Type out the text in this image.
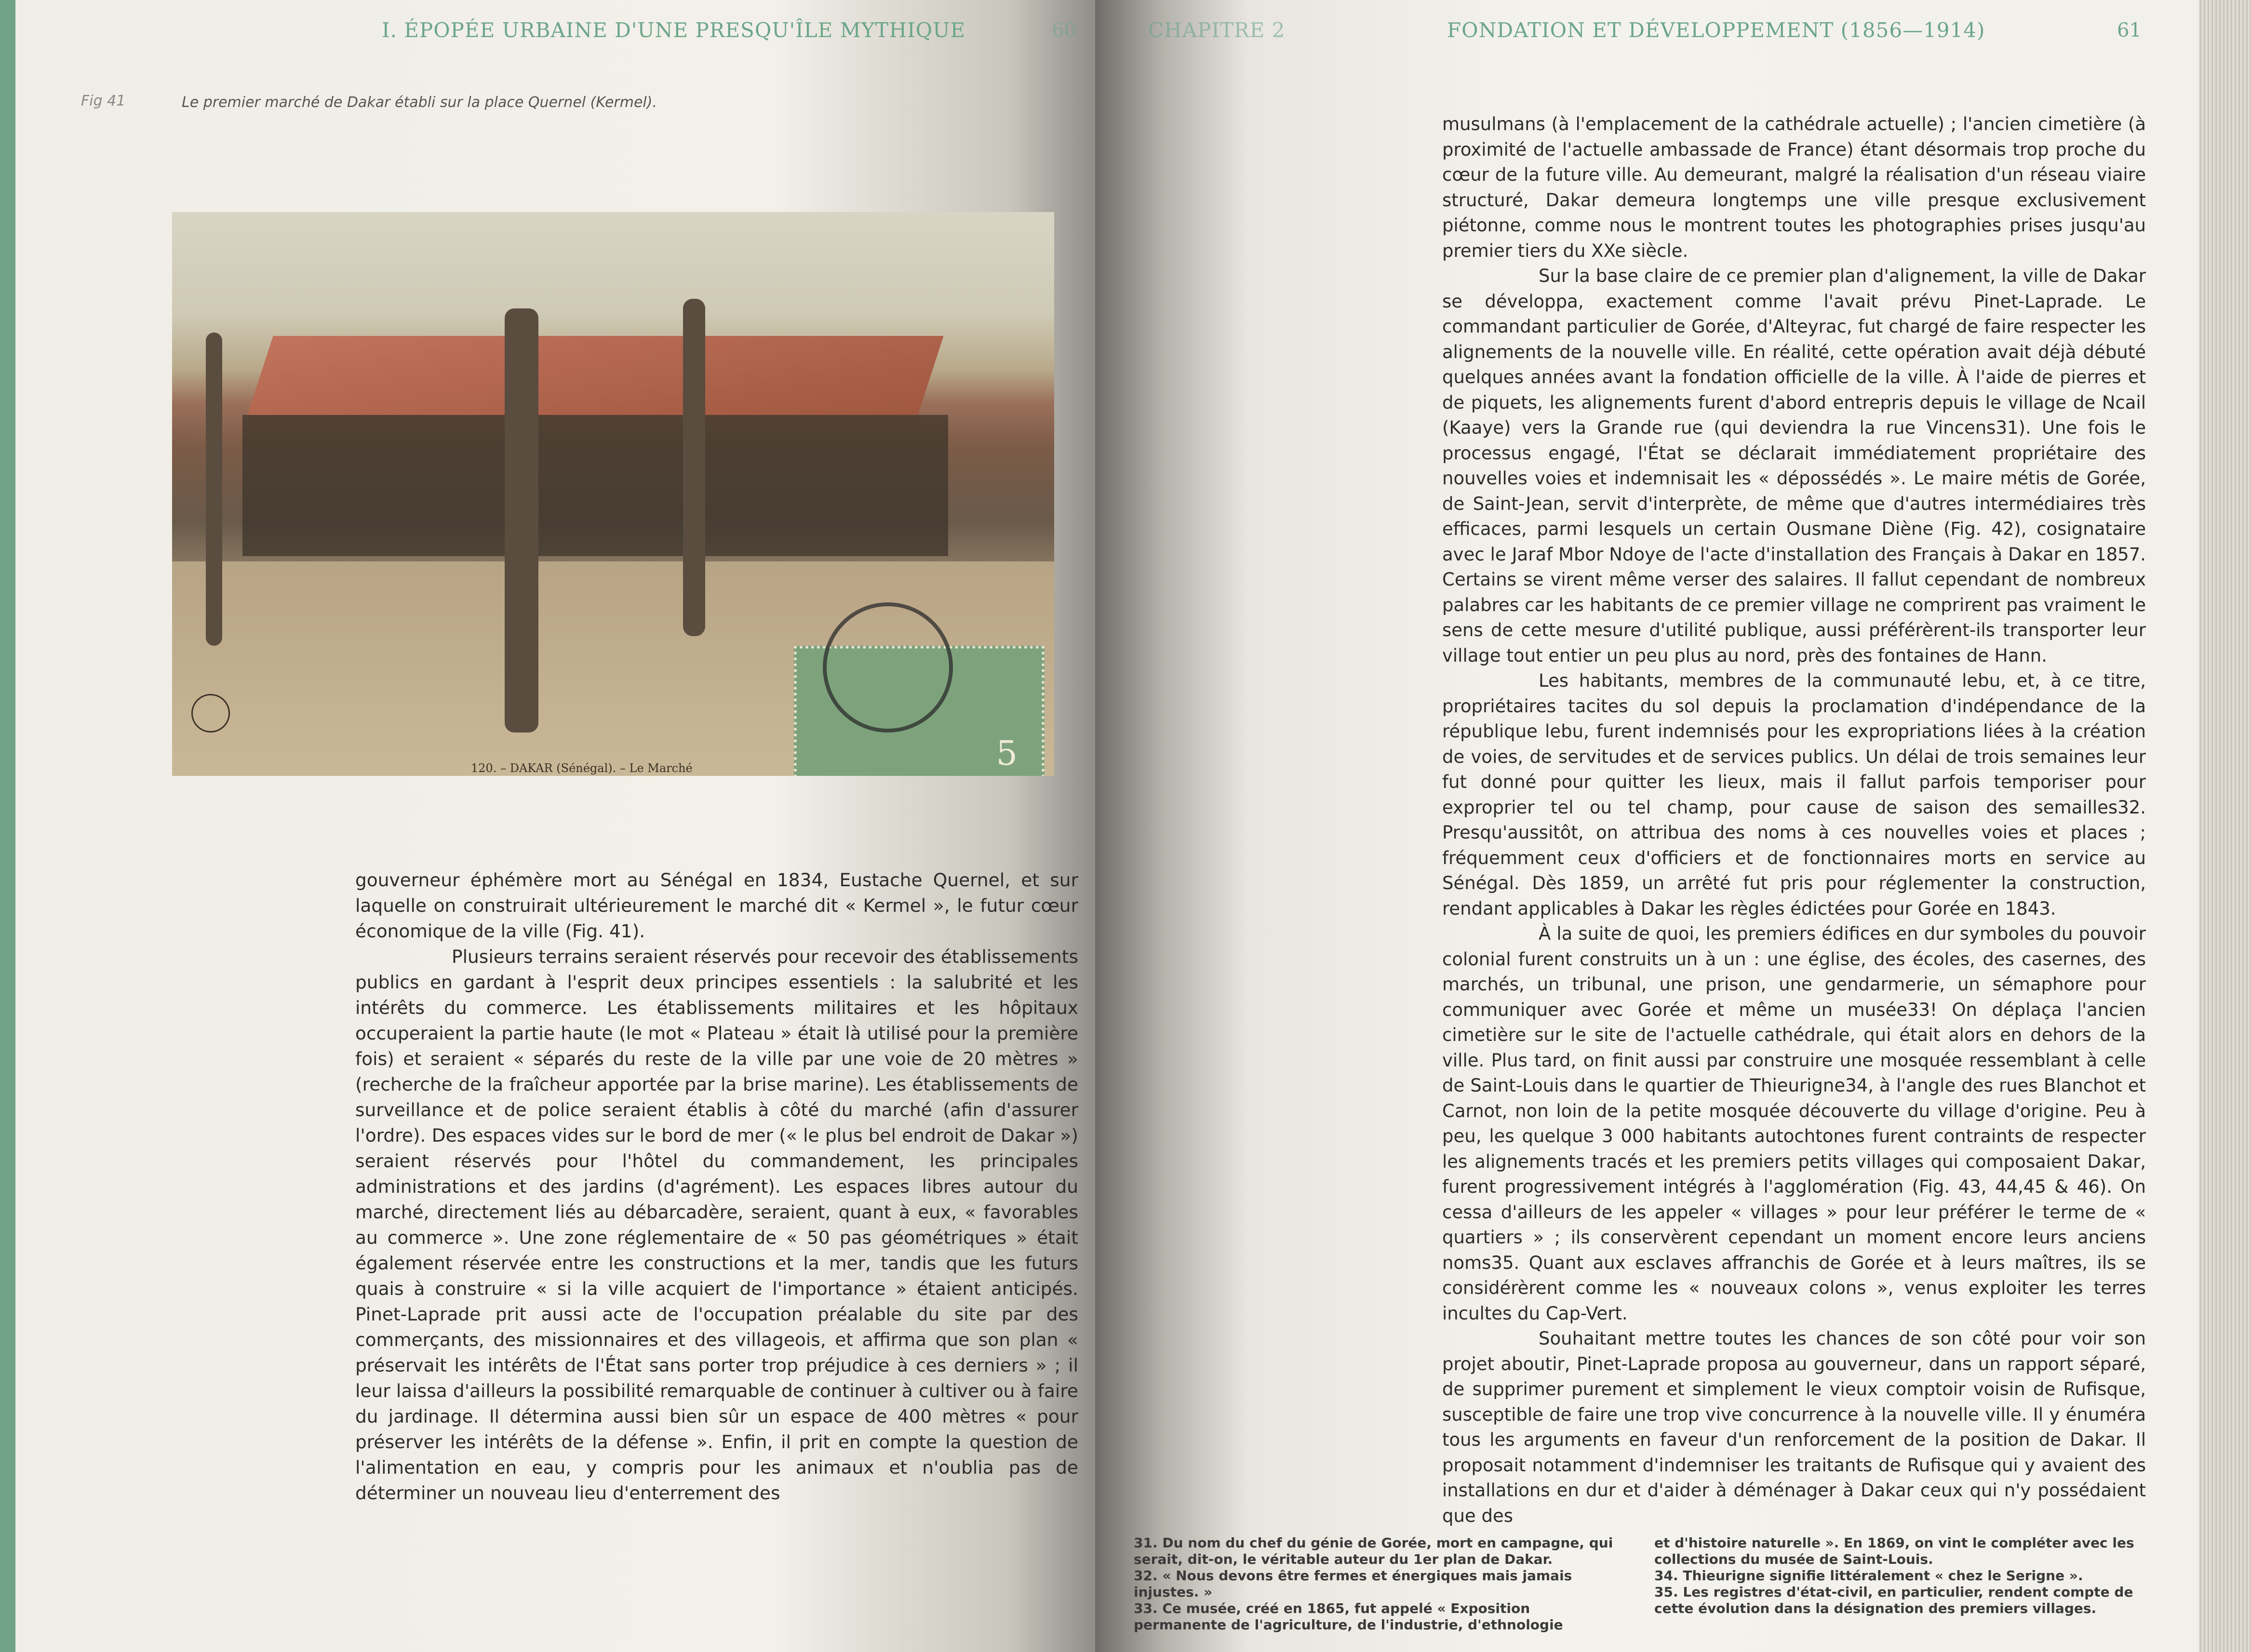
I. ÉPOPÉE URBAINE D'UNE PRESQU'ÎLE MYTHIQUE	60
Fig 41	Le premier marché de Dakar établi sur la place Quernel (Kermel).
5
120. – DAKAR (Sénégal). – Le Marché

gouverneur éphémère mort au Sénégal en 1834, Eustache Quernel, et sur laquelle on construirait ultérieurement le marché dit « Kermel », le futur cœur économique de la ville (Fig. 41).

Plusieurs terrains seraient réservés pour recevoir des établissements publics en gardant à l'esprit deux principes essentiels : la salubrité et les intérêts du commerce. Les établissements militaires et les hôpitaux occuperaient la partie haute (le mot « Plateau » était là utilisé pour la première fois) et seraient « séparés du reste de la ville par une voie de 20 mètres » (recherche de la fraîcheur apportée par la brise marine). Les établissements de surveillance et de police seraient établis à côté du marché (afin d'assurer l'ordre). Des espaces vides sur le bord de mer (« le plus bel endroit de Dakar ») seraient réservés pour l'hôtel du commandement, les principales administrations et des jardins (d'agrément). Les espaces libres autour du marché, directement liés au débarcadère, seraient, quant à eux, « favorables au commerce ». Une zone réglementaire de « 50 pas géométriques » était également réservée entre les constructions et la mer, tandis que les futurs quais à construire « si la ville acquiert de l'importance » étaient anticipés. Pinet-Laprade prit aussi acte de l'occupation préalable du site par des commerçants, des missionnaires et des villageois, et affirma que son plan « préservait les intérêts de l'État sans porter trop préjudice à ces derniers » ; il leur laissa d'ailleurs la possibilité remarquable de continuer à cultiver ou à faire du jardinage. Il détermina aussi bien sûr un espace de 400 mètres « pour préserver les intérêts de la défense ». Enfin, il prit en compte la question de l'alimentation en eau, y compris pour les animaux et n'oublia pas de déterminer un nouveau lieu d'enterrement des

CHAPITRE 2	FONDATION ET DÉVELOPPEMENT (1856—1914)	61

musulmans (à l'emplacement de la cathédrale actuelle) ; l'ancien cimetière (à proximité de l'actuelle ambassade de France) étant désormais trop proche du cœur de la future ville. Au demeurant, malgré la réalisation d'un réseau viaire structuré, Dakar demeura longtemps une ville presque exclusivement piétonne, comme nous le montrent toutes les photographies prises jusqu'au premier tiers du XXe siècle.

Sur la base claire de ce premier plan d'alignement, la ville de Dakar se développa, exactement comme l'avait prévu Pinet-Laprade. Le commandant particulier de Gorée, d'Alteyrac, fut chargé de faire respecter les alignements de la nouvelle ville. En réalité, cette opération avait déjà débuté quelques années avant la fondation officielle de la ville. À l'aide de pierres et de piquets, les alignements furent d'abord entrepris depuis le village de Ncail (Kaaye) vers la Grande rue (qui deviendra la rue Vincens31). Une fois le processus engagé, l'État se déclarait immédiatement propriétaire des nouvelles voies et indemnisait les « dépossédés ». Le maire métis de Gorée, de Saint-Jean, servit d'interprète, de même que d'autres intermédiaires très efficaces, parmi lesquels un certain Ousmane Diène (Fig. 42), cosignataire avec le Jaraf Mbor Ndoye de l'acte d'installation des Français à Dakar en 1857. Certains se virent même verser des salaires. Il fallut cependant de nombreux palabres car les habitants de ce premier village ne comprirent pas vraiment le sens de cette mesure d'utilité publique, aussi préférèrent-ils transporter leur village tout entier un peu plus au nord, près des fontaines de Hann.

Les habitants, membres de la communauté lebu, et, à ce titre, propriétaires tacites du sol depuis la proclamation d'indépendance de la république lebu, furent indemnisés pour les expropriations liées à la création de voies, de servitudes et de services publics. Un délai de trois semaines leur fut donné pour quitter les lieux, mais il fallut parfois temporiser pour exproprier tel ou tel champ, pour cause de saison des semailles32. Presqu'aussitôt, on attribua des noms à ces nouvelles voies et places ; fréquemment ceux d'officiers et de fonctionnaires morts en service au Sénégal. Dès 1859, un arrêté fut pris pour réglementer la construction, rendant applicables à Dakar les règles édictées pour Gorée en 1843.

À la suite de quoi, les premiers édifices en dur symboles du pouvoir colonial furent construits un à un : une église, des écoles, des casernes, des marchés, un tribunal, une prison, une gendarmerie, un sémaphore pour communiquer avec Gorée et même un musée33! On déplaça l'ancien cimetière sur le site de l'actuelle cathédrale, qui était alors en dehors de la ville. Plus tard, on finit aussi par construire une mosquée ressemblant à celle de Saint-Louis dans le quartier de Thieurigne34, à l'angle des rues Blanchot et Carnot, non loin de la petite mosquée découverte du village d'origine. Peu à peu, les quelque 3 000 habitants autochtones furent contraints de respecter les alignements tracés et les premiers petits villages qui composaient Dakar, furent progressivement intégrés à l'agglomération (Fig. 43, 44,45 & 46). On cessa d'ailleurs de les appeler « villages » pour leur préférer le terme de « quartiers » ; ils conservèrent cependant un moment encore leurs anciens noms35. Quant aux esclaves affranchis de Gorée et à leurs maîtres, ils se considérèrent comme les « nouveaux colons », venus exploiter les terres incultes du Cap-Vert.

Souhaitant mettre toutes les chances de son côté pour voir son projet aboutir, Pinet-Laprade proposa au gouverneur, dans un rapport séparé, de supprimer purement et simplement le vieux comptoir voisin de Rufisque, susceptible de faire une trop vive concurrence à la nouvelle ville. Il y énuméra tous les arguments en faveur d'un renforcement de la position de Dakar. Il proposait notamment d'indemniser les traitants de Rufisque qui y avaient des installations en dur et d'aider à déménager à Dakar ceux qui n'y possédaient que des

31. Du nom du chef du génie de Gorée, mort en campagne, qui serait, dit-on, le véritable auteur du 1er plan de Dakar.

32. « Nous devons être fermes et énergiques mais jamais injustes. »

33. Ce musée, créé en 1865, fut appelé « Exposition permanente de l'agriculture, de l'industrie, d'ethnologie

et d'histoire naturelle ». En 1869, on vint le compléter avec les collections du musée de Saint-Louis.

34. Thieurigne signifie littéralement « chez le Serigne ».

35. Les registres d'état-civil, en particulier, rendent compte de cette évolution dans la désignation des premiers villages.
